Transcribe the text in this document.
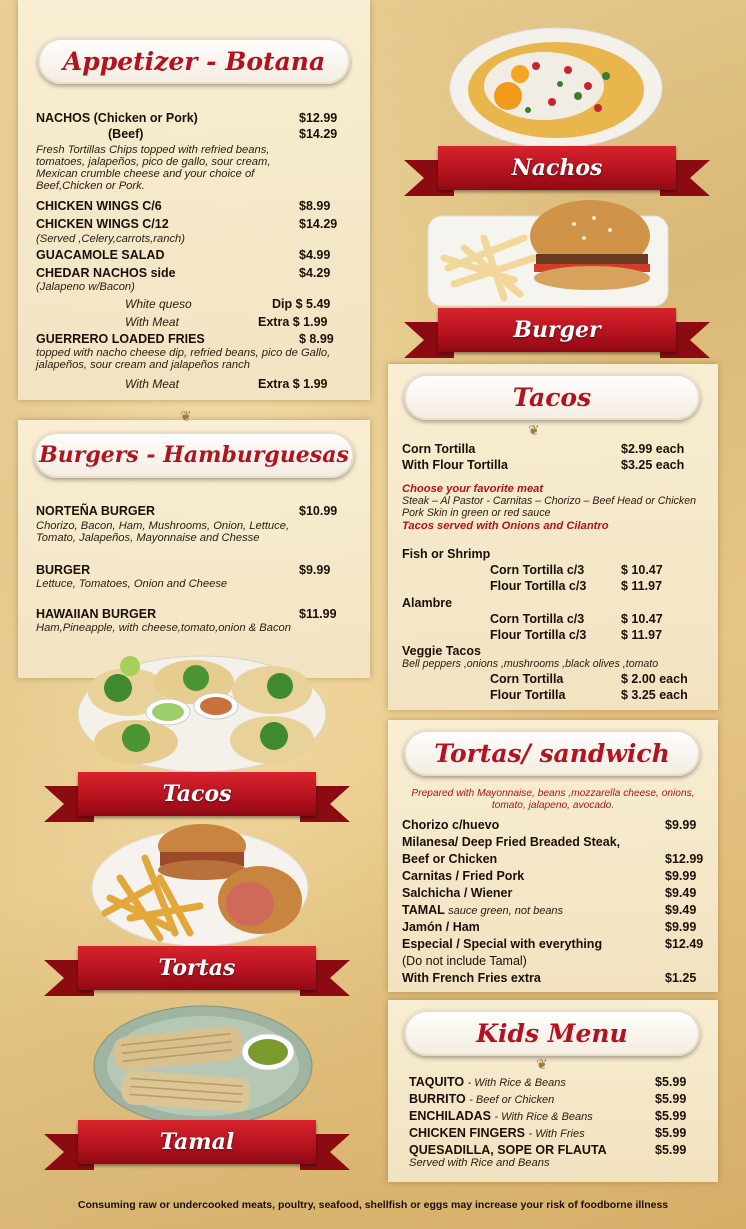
Appetizer - Botana
NACHOS (Chicken or Pork)	$12.99
(Beef)	$14.29
Fresh Tortillas Chips topped with refried beans,
tomatoes, jalapeños, pico de gallo, sour cream,
Mexican crumble cheese and your choice of
Beef,Chicken or Pork.
CHICKEN WINGS C/6	$8.99
CHICKEN WINGS C/12	$14.29
(Served ,Celery,carrots,ranch)
GUACAMOLE SALAD	$4.99
CHEDAR NACHOS side	$4.29
(Jalapeno w/Bacon)
White queso	Dip $ 5.49
With Meat	Extra $ 1.99
GUERRERO LOADED FRIES	$ 8.99
topped with nacho cheese dip, refried beans, pico de Gallo,
jalapeños, sour cream and jalapeños ranch
With Meat	Extra $ 1.99
❦
Burgers - Hamburguesas
NORTEÑA BURGER	$10.99
Chorizo, Bacon, Ham, Mushrooms, Onion, Lettuce,
Tomato, Jalapeños, Mayonnaise and Chesse
BURGER	$9.99
Lettuce, Tomatoes, Onion and Cheese
HAWAIIAN BURGER	$11.99
Ham,Pineapple, with cheese,tomato,onion & Bacon
Tacos
Tortas
Tamal
Nachos
Burger
Tacos
❦
Corn Tortilla	$2.99 each
With Flour Tortilla	$3.25 each
Choose your favorite meat
Steak – Al Pastor - Carnitas – Chorizo – Beef Head or Chicken
Pork Skin in green or red sauce
Tacos served with Onions and Cilantro
Fish or Shrimp
Corn Tortilla c/3	$ 10.47
Flour Tortilla c/3	$ 11.97
Alambre
Corn Tortilla c/3	$ 10.47
Flour Tortilla c/3	$ 11.97
Veggie Tacos
Bell peppers ,onions ,mushrooms ,black olives ,tomato
Corn Tortilla	$ 2.00 each
Flour Tortilla	$ 3.25 each
Tortas/ sandwich
Prepared with Mayonnaise, beans ,mozzarella cheese, onions,
tomato, jalapeno, avocado.
Chorizo c/huevo	$9.99
Milanesa/ Deep Fried Breaded Steak,
Beef or Chicken	$12.99
Carnitas / Fried Pork	$9.99
Salchicha / Wiener	$9.49
TAMAL sauce green, not beans	$9.49
Jamón / Ham	$9.99
Especial / Special with everything	$12.49
(Do not include Tamal)
With French Fries extra	$1.25
Kids Menu
❦
TAQUITO - With Rice & Beans	$5.99
BURRITO - Beef or Chicken	$5.99
ENCHILADAS - With Rice & Beans	$5.99
CHICKEN FINGERS - With Fries	$5.99
QUESADILLA, SOPE OR FLAUTA	$5.99
Served with Rice and Beans
Consuming raw or undercooked meats, poultry, seafood, shellfish or eggs may increase your risk of foodborne illness
